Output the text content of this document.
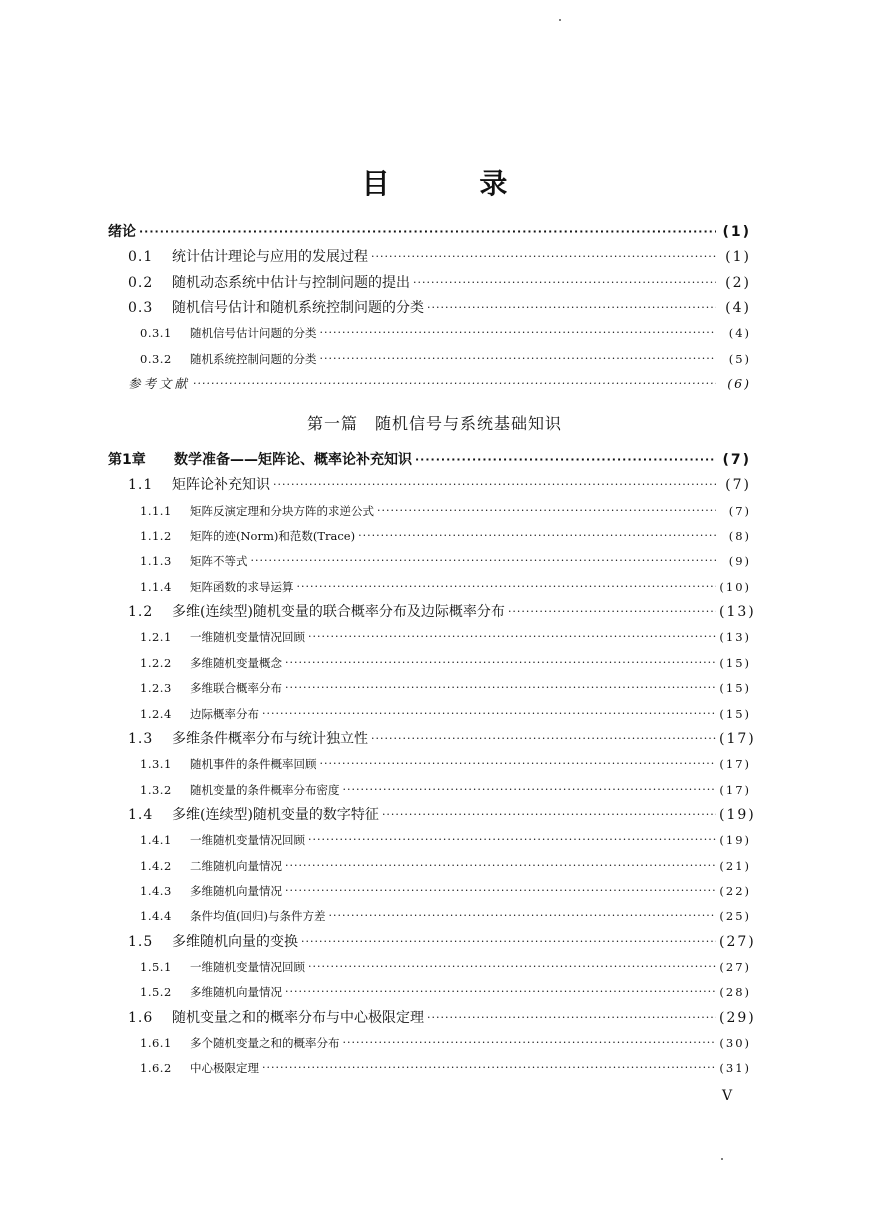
目 录
绪论 ·····	(1)
0.1	统计估计理论与应用的发展过程 ·····	(1)
0.2	随机动态系统中估计与控制问题的提出 ·····	(2)
0.3	随机信号估计和随机系统控制问题的分类 ·····	(4)
0.3.1	随机信号估计问题的分类 ·····	(4)
0.3.2	随机系统控制问题的分类 ·····	(5)
参考文献 ·····	(6)
第1章	数学准备——矩阵论、概率论补充知识 ·····	(7)
1.1	矩阵论补充知识 ·····	(7)
1.1.1	矩阵反演定理和分块方阵的求逆公式 ·····	(7)
1.1.2	矩阵的迹(Norm)和范数(Trace) ·····	(8)
1.1.3	矩阵不等式 ·····	(9)
1.1.4	矩阵函数的求导运算 ·····	(10)
1.2	多维(连续型)随机变量的联合概率分布及边际概率分布 ·····	(13)
1.2.1	一维随机变量情况回顾 ·····	(13)
1.2.2	多维随机变量概念 ·····	(15)
1.2.3	多维联合概率分布 ·····	(15)
1.2.4	边际概率分布 ·····	(15)
1.3	多维条件概率分布与统计独立性 ·····	(17)
1.3.1	随机事件的条件概率回顾 ·····	(17)
1.3.2	随机变量的条件概率分布密度 ·····	(17)
1.4	多维(连续型)随机变量的数字特征 ·····	(19)
1.4.1	一维随机变量情况回顾 ·····	(19)
1.4.2	二维随机向量情况 ·····	(21)
1.4.3	多维随机向量情况 ·····	(22)
1.4.4	条件均值(回归)与条件方差 ·····	(25)
1.5	多维随机向量的变换 ·····	(27)
1.5.1	一维随机变量情况回顾 ·····	(27)
1.5.2	多维随机向量情况 ·····	(28)
1.6	随机变量之和的概率分布与中心极限定理 ·····	(29)
1.6.1	多个随机变量之和的概率分布 ·····	(30)
1.6.2	中心极限定理 ·····	(31)
第一篇　随机信号与系统基础知识
V
